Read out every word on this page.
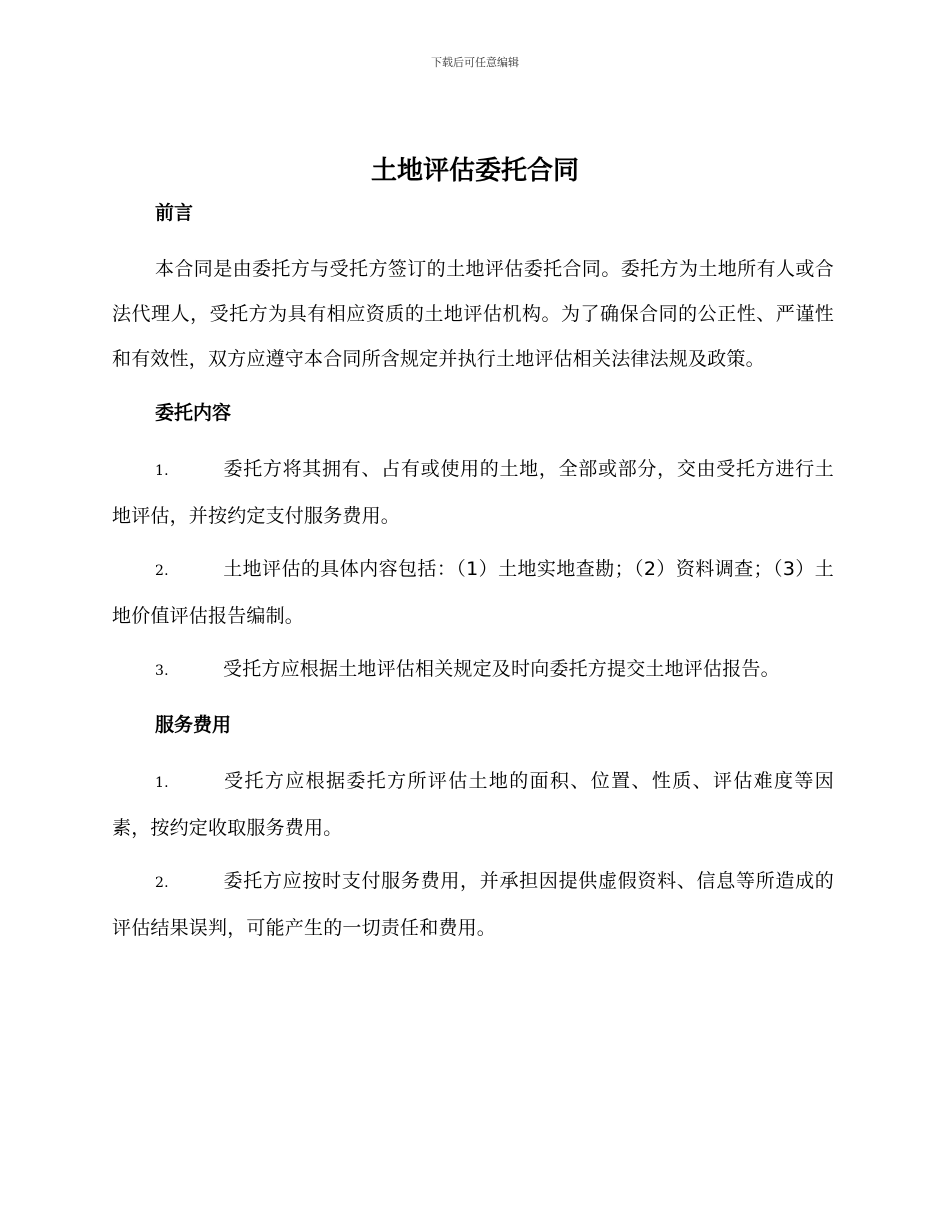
下载后可任意编辑
土地评估委托合同
前言

本合同是由委托方与受托方签订的土地评估委托合同。委托方为土地所有人或合法代理人，受托方为具有相应资质的土地评估机构。为了确保合同的公正性、严谨性和有效性，双方应遵守本合同所含规定并执行土地评估相关法律法规及政策。

委托内容

1.	委托方将其拥有、占有或使用的土地，全部或部分，交由受托方进行土地评估，并按约定支付服务费用。

2.	土地评估的具体内容包括：（1）土地实地查勘；（2）资料调查；（3）土地价值评估报告编制。

3.	受托方应根据土地评估相关规定及时向委托方提交土地评估报告。

服务费用

1.	受托方应根据委托方所评估土地的面积、位置、性质、评估难度等因素，按约定收取服务费用。

2.	委托方应按时支付服务费用，并承担因提供虚假资料、信息等所造成的评估结果误判，可能产生的一切责任和费用。
